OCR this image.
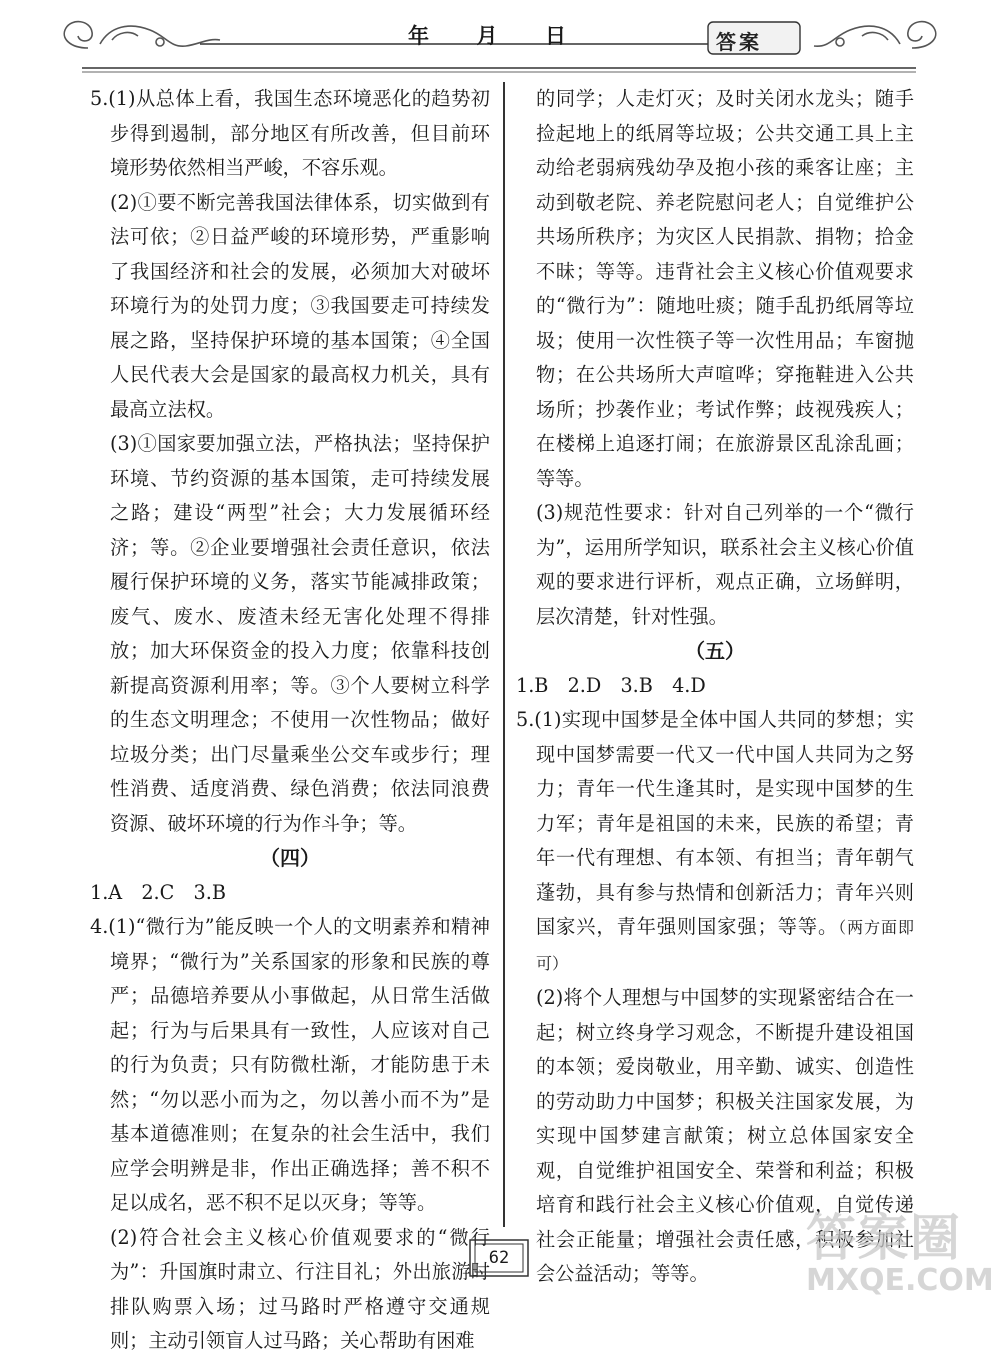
年 月 日	答案

5.(1)从总体上看，我国生态环境恶化的趋势初步得到遏制，部分地区有所改善，但目前环境形势依然相当严峻，不容乐观。

(2)①要不断完善我国法律体系，切实做到有法可依；②日益严峻的环境形势，严重影响了我国经济和社会的发展，必须加大对破坏环境行为的处罚力度；③我国要走可持续发展之路，坚持保护环境的基本国策；④全国人民代表大会是国家的最高权力机关，具有最高立法权。

(3)①国家要加强立法，严格执法；坚持保护环境、节约资源的基本国策，走可持续发展之路；建设“两型”社会；大力发展循环经济；等。②企业要增强社会责任意识，依法履行保护环境的义务，落实节能减排政策；废气、废水、废渣未经无害化处理不得排放；加大环保资金的投入力度；依靠科技创新提高资源利用率；等。③个人要树立科学的生态文明理念；不使用一次性物品；做好垃圾分类；出门尽量乘坐公交车或步行；理性消费、适度消费、绿色消费；依法同浪费资源、破坏环境的行为作斗争；等。

（四）

1.A　2.C　3.B

4.(1)“微行为”能反映一个人的文明素养和精神境界；“微行为”关系国家的形象和民族的尊严；品德培养要从小事做起，从日常生活做起；行为与后果具有一致性，人应该对自己的行为负责；只有防微杜渐，才能防患于未然；“勿以恶小而为之，勿以善小而不为”是基本道德准则；在复杂的社会生活中，我们应学会明辨是非，作出正确选择；善不积不足以成名，恶不积不足以灭身；等等。

(2)符合社会主义核心价值观要求的“微行为”：升国旗时肃立、行注目礼；外出旅游时排队购票入场；过马路时严格遵守交通规则；主动引领盲人过马路；关心帮助有困难

的同学；人走灯灭；及时关闭水龙头；随手捡起地上的纸屑等垃圾；公共交通工具上主动给老弱病残幼孕及抱小孩的乘客让座；主动到敬老院、养老院慰问老人；自觉维护公共场所秩序；为灾区人民捐款、捐物；拾金不昧；等等。违背社会主义核心价值观要求的“微行为”：随地吐痰；随手乱扔纸屑等垃圾；使用一次性筷子等一次性用品；车窗抛物；在公共场所大声喧哗；穿拖鞋进入公共场所；抄袭作业；考试作弊；歧视残疾人；在楼梯上追逐打闹；在旅游景区乱涂乱画；等等。

(3)规范性要求：针对自己列举的一个“微行为”，运用所学知识，联系社会主义核心价值观的要求进行评析，观点正确，立场鲜明，层次清楚，针对性强。

（五）

1.B　2.D　3.B　4.D

5.(1)实现中国梦是全体中国人共同的梦想；实现中国梦需要一代又一代中国人共同为之努力；青年一代生逢其时，是实现中国梦的生力军；青年是祖国的未来，民族的希望；青年一代有理想、有本领、有担当；青年朝气蓬勃，具有参与热情和创新活力；青年兴则国家兴，青年强则国家强；等等。（两方面即可）

(2)将个人理想与中国梦的实现紧密结合在一起；树立终身学习观念，不断提升建设祖国的本领；爱岗敬业，用辛勤、诚实、创造性的劳动助力中国梦；积极关注国家发展，为实现中国梦建言献策；树立总体国家安全观，自觉维护祖国安全、荣誉和利益；积极培育和践行社会主义核心价值观，自觉传递社会正能量；增强社会责任感，积极参加社会公益活动；等等。

62	答案圈
MXQE.COM
